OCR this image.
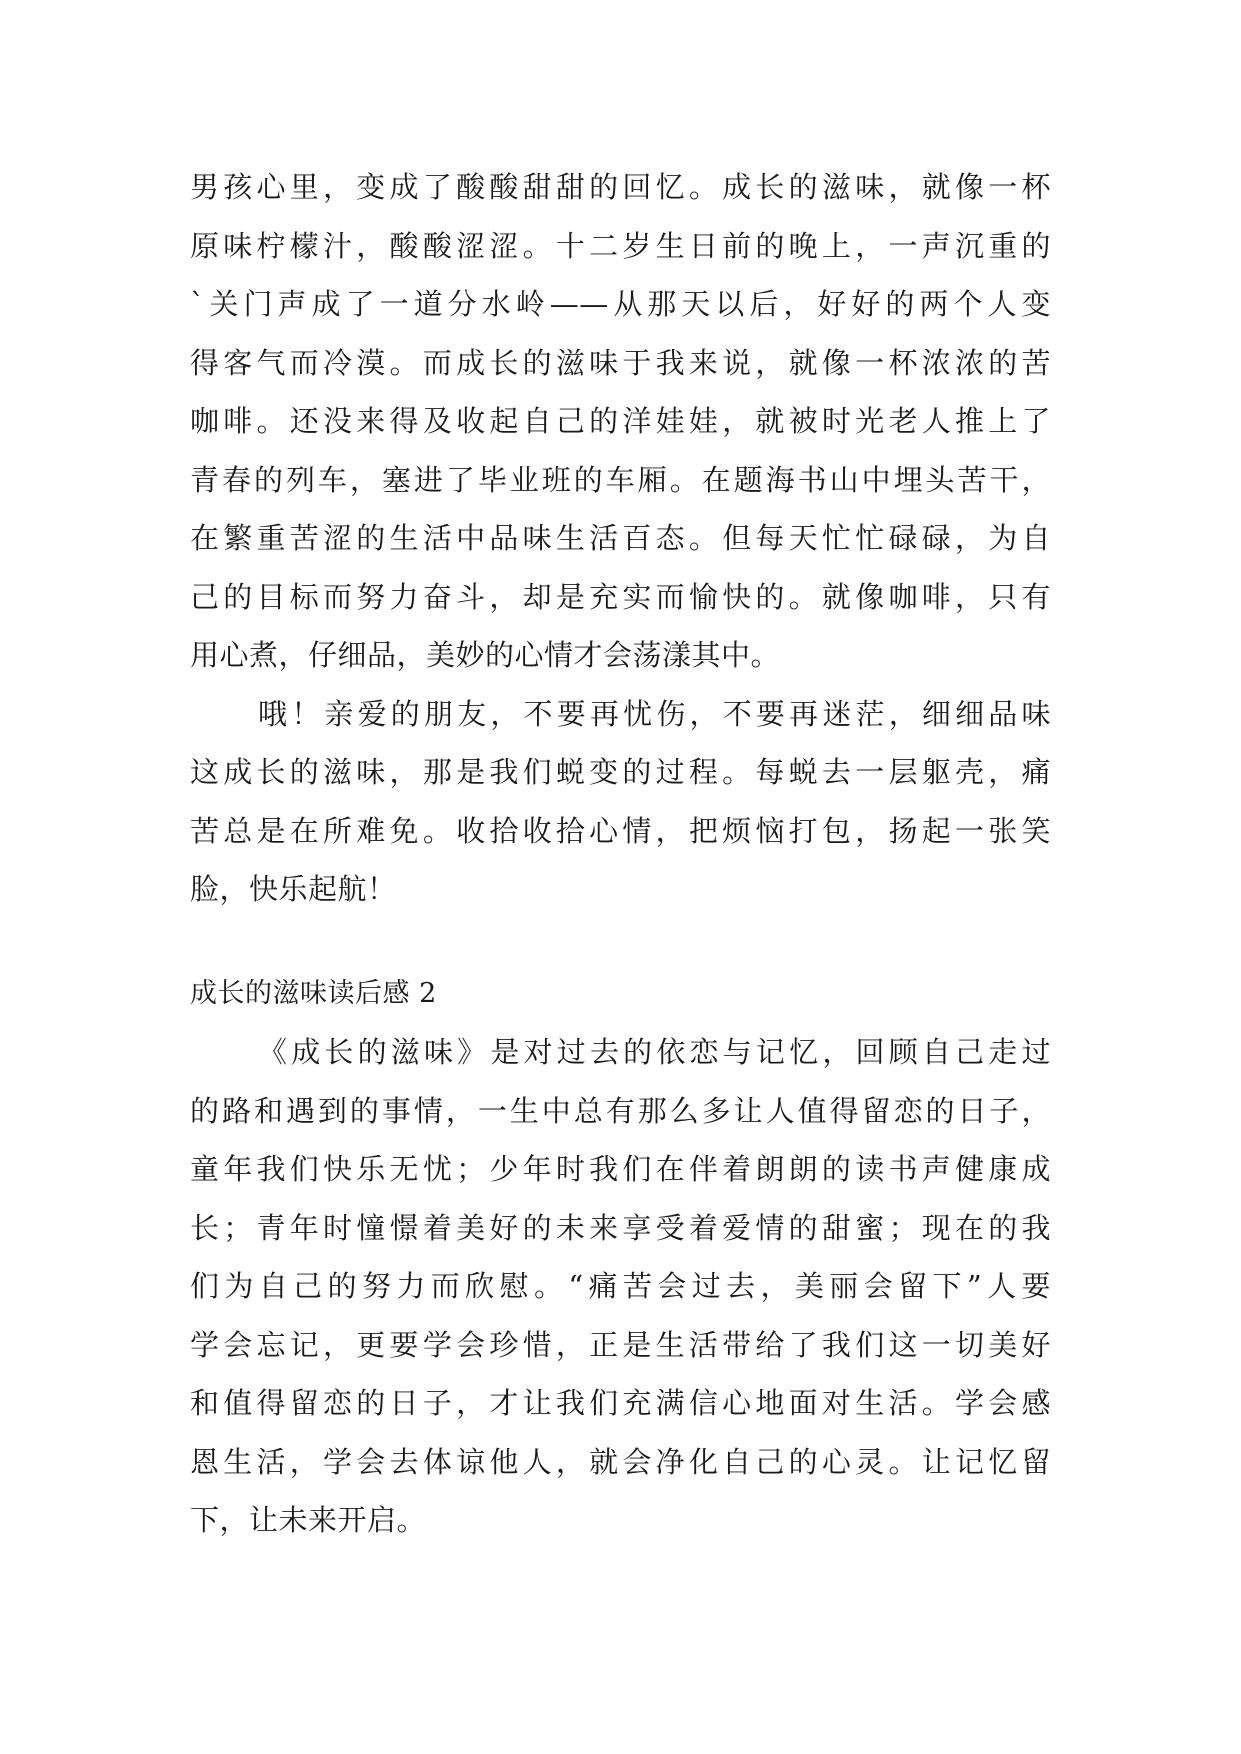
男孩心里，变成了酸酸甜甜的回忆。成长的滋味，就像一杯
原味柠檬汁，酸酸涩涩。十二岁生日前的晚上，一声沉重的
`关门声成了一道分水岭——从那天以后，好好的两个人变
得客气而冷漠。而成长的滋味于我来说，就像一杯浓浓的苦
咖啡。还没来得及收起自己的洋娃娃，就被时光老人推上了
青春的列车，塞进了毕业班的车厢。在题海书山中埋头苦干，
在繁重苦涩的生活中品味生活百态。但每天忙忙碌碌，为自
己的目标而努力奋斗，却是充实而愉快的。就像咖啡，只有
用心煮，仔细品，美妙的心情才会荡漾其中。
哦！亲爱的朋友，不要再忧伤，不要再迷茫，细细品味
这成长的滋味，那是我们蜕变的过程。每蜕去一层躯壳，痛
苦总是在所难免。收拾收拾心情，把烦恼打包，扬起一张笑
脸，快乐起航！
成长的滋味读后感 2
《成长的滋味》是对过去的依恋与记忆，回顾自己走过
的路和遇到的事情，一生中总有那么多让人值得留恋的日子，
童年我们快乐无忧；少年时我们在伴着朗朗的读书声健康成
长；青年时憧憬着美好的未来享受着爱情的甜蜜；现在的我
们为自己的努力而欣慰。“痛苦会过去，美丽会留下”人要
学会忘记，更要学会珍惜，正是生活带给了我们这一切美好
和值得留恋的日子，才让我们充满信心地面对生活。学会感
恩生活，学会去体谅他人，就会净化自己的心灵。让记忆留
下，让未来开启。
